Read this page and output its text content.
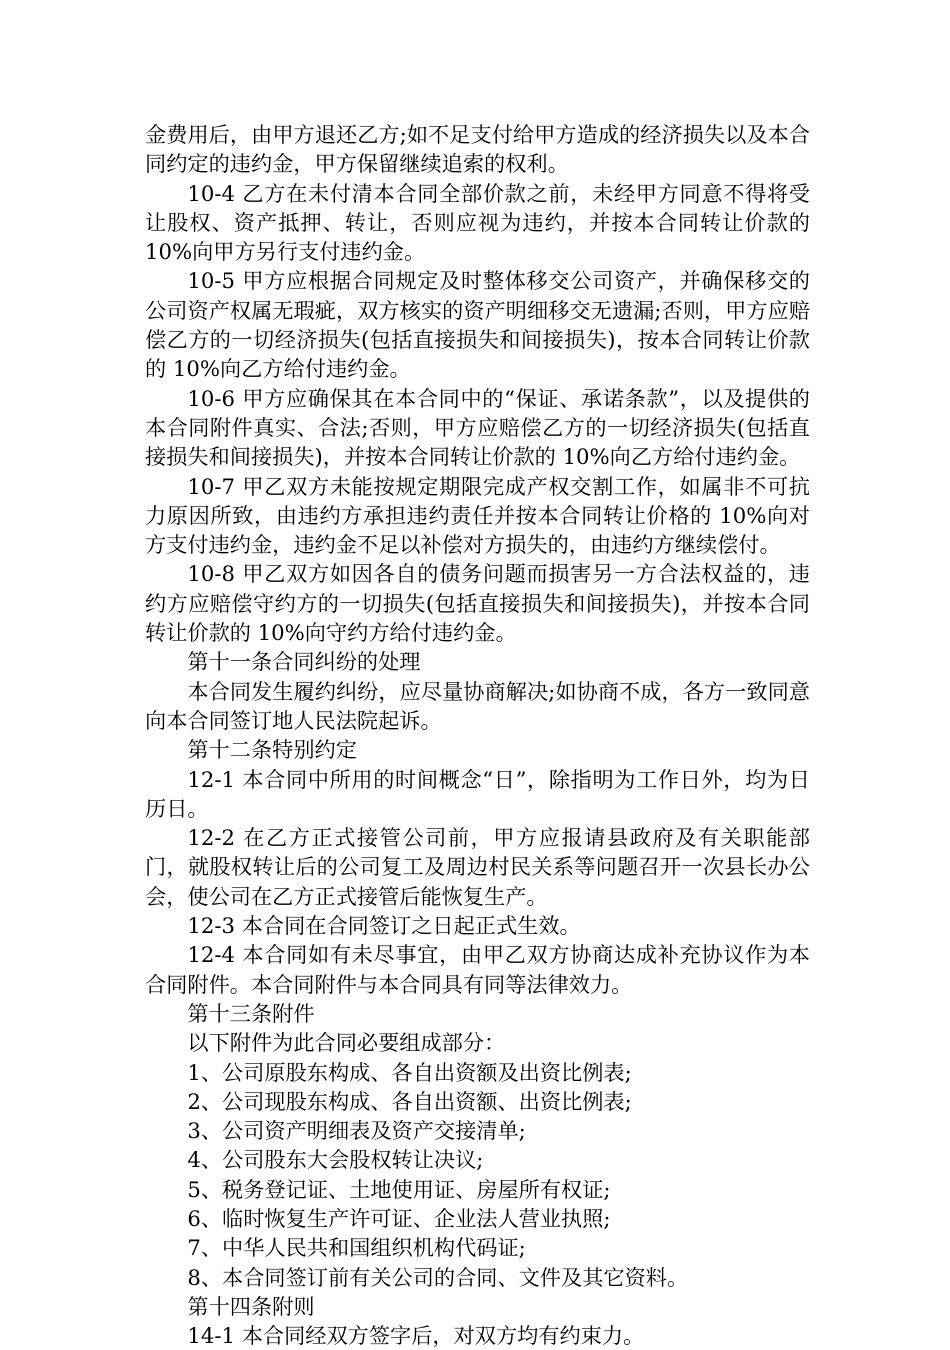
金费用后，由甲方退还乙方;如不足支付给甲方造成的经济损失以及本合同约定的违约金，甲方保留继续追索的权利。

10-4 乙方在未付清本合同全部价款之前，未经甲方同意不得将受让股权、资产抵押、转让，否则应视为违约，并按本合同转让价款的 10%向甲方另行支付违约金。

10-5 甲方应根据合同规定及时整体移交公司资产，并确保移交的公司资产权属无瑕疵，双方核实的资产明细移交无遗漏;否则，甲方应赔偿乙方的一切经济损失(包括直接损失和间接损失)，按本合同转让价款的 10%向乙方给付违约金。

10-6 甲方应确保其在本合同中的“保证、承诺条款”，以及提供的本合同附件真实、合法;否则，甲方应赔偿乙方的一切经济损失(包括直接损失和间接损失)，并按本合同转让价款的 10%向乙方给付违约金。

10-7 甲乙双方未能按规定期限完成产权交割工作，如属非不可抗力原因所致，由违约方承担违约责任并按本合同转让价格的 10%向对方支付违约金，违约金不足以补偿对方损失的，由违约方继续偿付。

10-8 甲乙双方如因各自的债务问题而损害另一方合法权益的，违约方应赔偿守约方的一切损失(包括直接损失和间接损失)，并按本合同转让价款的 10%向守约方给付违约金。

第十一条合同纠纷的处理

本合同发生履约纠纷，应尽量协商解决;如协商不成，各方一致同意向本合同签订地人民法院起诉。

第十二条特别约定

12-1 本合同中所用的时间概念“日”，除指明为工作日外，均为日历日。

12-2 在乙方正式接管公司前，甲方应报请县政府及有关职能部门，就股权转让后的公司复工及周边村民关系等问题召开一次县长办公会，使公司在乙方正式接管后能恢复生产。

12-3 本合同在合同签订之日起正式生效。

12-4 本合同如有未尽事宜，由甲乙双方协商达成补充协议作为本合同附件。本合同附件与本合同具有同等法律效力。

第十三条附件

以下附件为此合同必要组成部分：

1、公司原股东构成、各自出资额及出资比例表;

2、公司现股东构成、各自出资额、出资比例表;

3、公司资产明细表及资产交接清单;

4、公司股东大会股权转让决议;

5、税务登记证、土地使用证、房屋所有权证;

6、临时恢复生产许可证、企业法人营业执照;

7、中华人民共和国组织机构代码证;

8、本合同签订前有关公司的合同、文件及其它资料。

第十四条附则

14-1 本合同经双方签字后，对双方均有约束力。
